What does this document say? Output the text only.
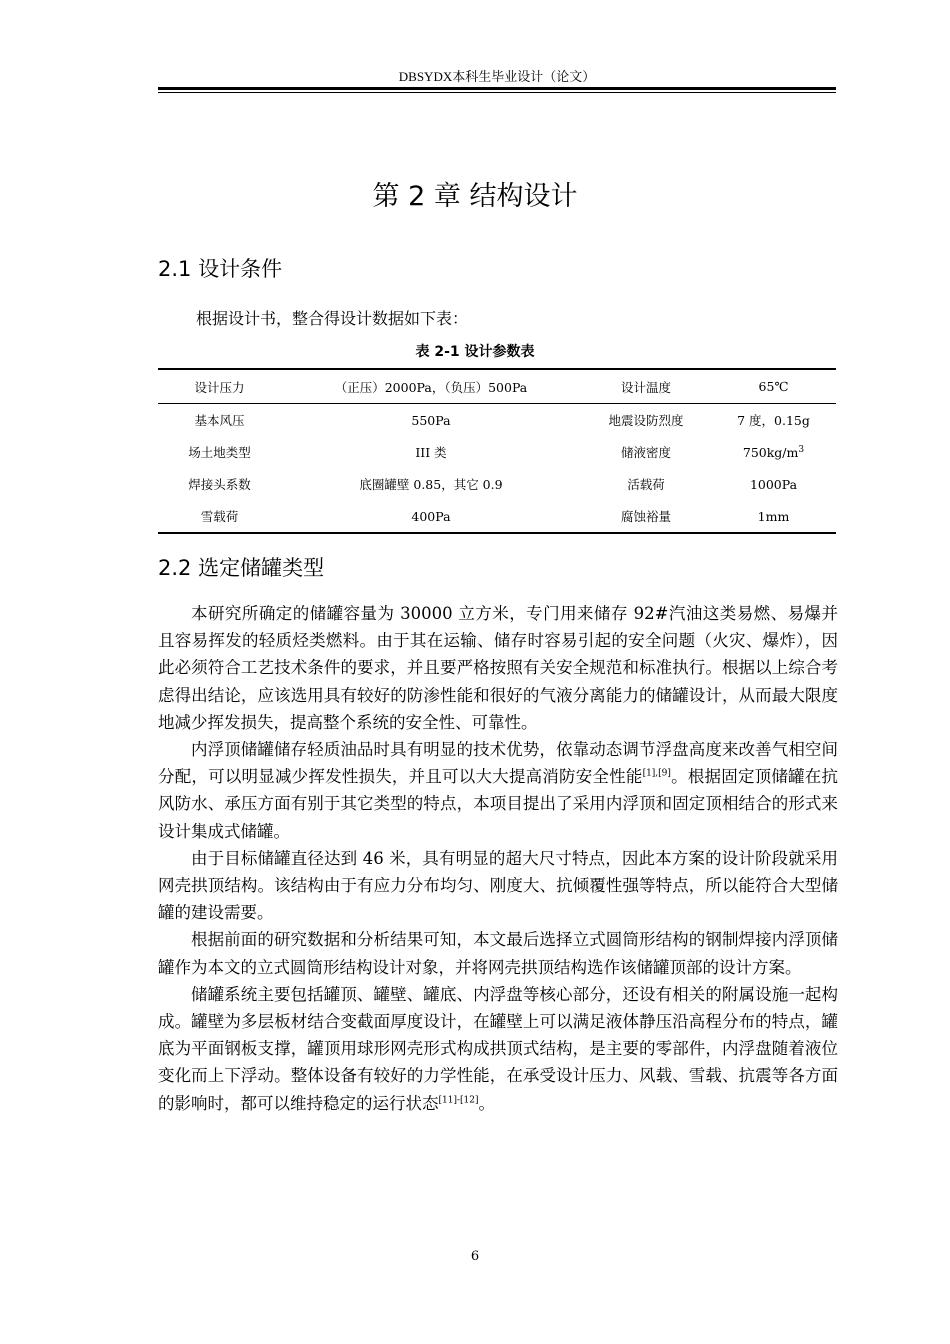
DBSYDX本科生毕业设计（论文）
第 2 章 结构设计
2.1 设计条件
根据设计书，整合得设计数据如下表：
表 2-1 设计参数表
设计压力	（正压）2000Pa，（负压）500Pa	设计温度	65℃
基本风压	550Pa	地震设防烈度	7 度，0.15g
场土地类型	III 类	储液密度	$750kg/m^3$
焊接头系数	底圈罐壁 0.85，其它 0.9	活载荷	1000Pa
雪载荷	400Pa	腐蚀裕量	1mm
2.2 选定储罐类型

本研究所确定的储罐容量为 30000 立方米，专门用来储存 92#汽油这类易燃、易爆并且容易挥发的轻质烃类燃料。由于其在运输、储存时容易引起的安全问题（火灾、爆炸），因此必须符合工艺技术条件的要求，并且要严格按照有关安全规范和标准执行。根据以上综合考虑得出结论，应该选用具有较好的防渗性能和很好的气液分离能力的储罐设计，从而最大限度地减少挥发损失，提高整个系统的安全性、可靠性。

内浮顶储罐储存轻质油品时具有明显的技术优势，依靠动态调节浮盘高度来改善气相空间分配，可以明显减少挥发性损失，并且可以大大提高消防安全性能[1],[9]。根据固定顶储罐在抗风防水、承压方面有别于其它类型的特点，本项目提出了采用内浮顶和固定顶相结合的形式来设计集成式储罐。

由于目标储罐直径达到 46 米，具有明显的超大尺寸特点，因此本方案的设计阶段就采用网壳拱顶结构。该结构由于有应力分布均匀、刚度大、抗倾覆性强等特点，所以能符合大型储罐的建设需要。

根据前面的研究数据和分析结果可知，本文最后选择立式圆筒形结构的钢制焊接内浮顶储罐作为本文的立式圆筒形结构设计对象，并将网壳拱顶结构选作该储罐顶部的设计方案。

储罐系统主要包括罐顶、罐壁、罐底、内浮盘等核心部分，还设有相关的附属设施一起构成。罐壁为多层板材结合变截面厚度设计，在罐壁上可以满足液体静压沿高程分布的特点，罐底为平面钢板支撑，罐顶用球形网壳形式构成拱顶式结构，是主要的零部件，内浮盘随着液位变化而上下浮动。整体设备有较好的力学性能，在承受设计压力、风载、雪载、抗震等各方面的影响时，都可以维持稳定的运行状态[11]-[12]。

6
